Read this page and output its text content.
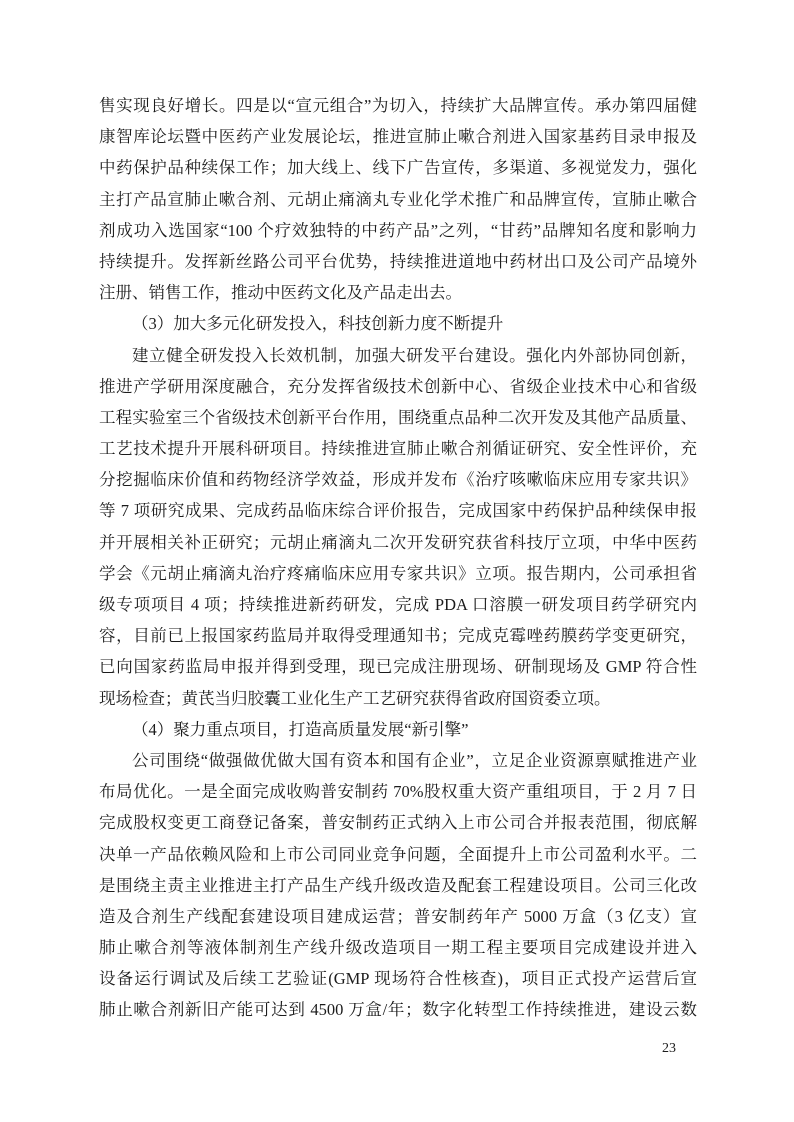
售实现良好增长。四是以“宣元组合”为切入，持续扩大品牌宣传。承办第四届健
康智库论坛暨中医药产业发展论坛，推进宣肺止嗽合剂进入国家基药目录申报及
中药保护品种续保工作；加大线上、线下广告宣传，多渠道、多视觉发力，强化
主打产品宣肺止嗽合剂、元胡止痛滴丸专业化学术推广和品牌宣传，宣肺止嗽合
剂成功入选国家“100 个疗效独特的中药产品”之列，“甘药”品牌知名度和影响力
持续提升。发挥新丝路公司平台优势，持续推进道地中药材出口及公司产品境外
注册、销售工作，推动中医药文化及产品走出去。
（3）加大多元化研发投入，科技创新力度不断提升
建立健全研发投入长效机制，加强大研发平台建设。强化内外部协同创新，
推进产学研用深度融合，充分发挥省级技术创新中心、省级企业技术中心和省级
工程实验室三个省级技术创新平台作用，围绕重点品种二次开发及其他产品质量、
工艺技术提升开展科研项目。持续推进宣肺止嗽合剂循证研究、安全性评价，充
分挖掘临床价值和药物经济学效益，形成并发布《治疗咳嗽临床应用专家共识》
等 7 项研究成果、完成药品临床综合评价报告，完成国家中药保护品种续保申报
并开展相关补正研究；元胡止痛滴丸二次开发研究获省科技厅立项，中华中医药
学会《元胡止痛滴丸治疗疼痛临床应用专家共识》立项。报告期内，公司承担省
级专项项目 4 项；持续推进新药研发，完成 PDA 口溶膜一研发项目药学研究内
容，目前已上报国家药监局并取得受理通知书；完成克霉唑药膜药学变更研究，
已向国家药监局申报并得到受理，现已完成注册现场、研制现场及 GMP 符合性
现场检查；黄芪当归胶囊工业化生产工艺研究获得省政府国资委立项。
（4）聚力重点项目，打造高质量发展“新引擎”
公司围绕“做强做优做大国有资本和国有企业”，立足企业资源禀赋推进产业
布局优化。一是全面完成收购普安制药 70%股权重大资产重组项目，于 2 月 7 日
完成股权变更工商登记备案，普安制药正式纳入上市公司合并报表范围，彻底解
决单一产品依赖风险和上市公司同业竞争问题，全面提升上市公司盈利水平。二
是围绕主责主业推进主打产品生产线升级改造及配套工程建设项目。公司三化改
造及合剂生产线配套建设项目建成运营；普安制药年产 5000 万盒（3 亿支）宣
肺止嗽合剂等液体制剂生产线升级改造项目一期工程主要项目完成建设并进入
设备运行调试及后续工艺验证(GMP 现场符合性核查)，项目正式投产运营后宣
肺止嗽合剂新旧产能可达到 4500 万盒/年；数字化转型工作持续推进，建设云数
23
